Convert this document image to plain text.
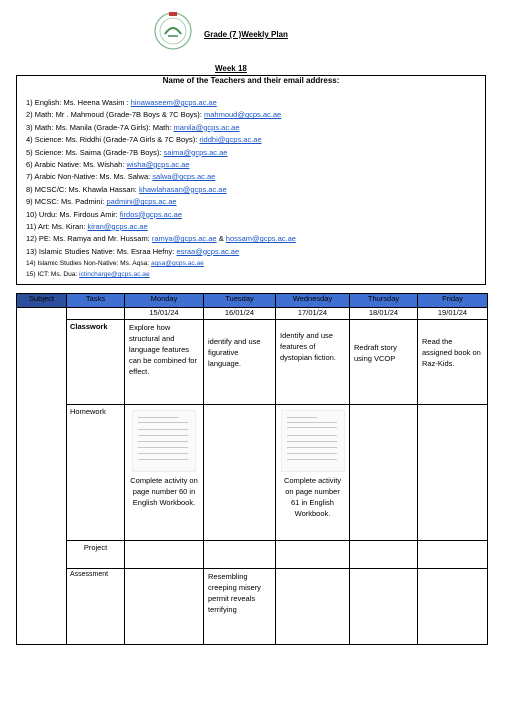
Grade (7 )Weekly Plan
Week 18
Name of the Teachers and their email address:
1) English: Ms. Heena Wasim : hinawaseem@gcps.ac.ae
2) Math: Mr . Mahmoud (Grade-7B Boys & 7C Boys): mahmoud@gcps.ac.ae
3) Math: Ms. Manila (Grade-7A Girls): Math: manila@gcps.ac.ae
4) Science: Ms. Riddhi (Grade-7A Girls & 7C Boys): riddhi@gcps.ac.ae
5) Science: Ms. Saima (Grade-7B Boys): saima@gcps.ac.ae
6) Arabic Native: Ms. Wishah: wisha@gcps.ac.ae
7) Arabic Non-Native: Ms. Ms. Salwa: salwa@gcps.ac.ae
8) MCSC/C: Ms. Khawla Hassan: khawlahasan@gcps.ac.ae
9) MCSC: Ms. Padmini: padmini@gcps.ac.ae
10) Urdu: Ms. Firdous Amir: firdos@gcps.ac.ae
11) Art: Ms. Kiran: kiran@gcps.ac.ae
12) PE: Ms. Ramya and Mr. Hussam: ramya@gcps.ac.ae & hossam@gcps.ac.ae
13) Islamic Studies Native: Ms. Esraa Hefny: esraa@gcps.ac.ae
14) Islamic Studies Non-Native: Ms. Aqsa: aqsa@gcps.ac.ae
15) ICT: Ms. Dua: ictincharge@gcps.ac.ae
Subject	Tasks	Monday	Tuesday	Wednesday	Thursday	Friday
		15/01/24	16/01/24	17/01/24	18/01/24	19/01/24
	Classwork	Explore how structural and language features can be combined for effect.	identify and use figurative language.	Identify and use features of dystopian fiction.	Redraft story using VCOP	Read the assigned book on Raz-Kids.
	Homework	Complete activity on page number 60 in English Workbook.		Complete activity on page number 61 in English Workbook.		

	Project					
	Assessment		Resembling creeping misery permit reveals terrifying			
